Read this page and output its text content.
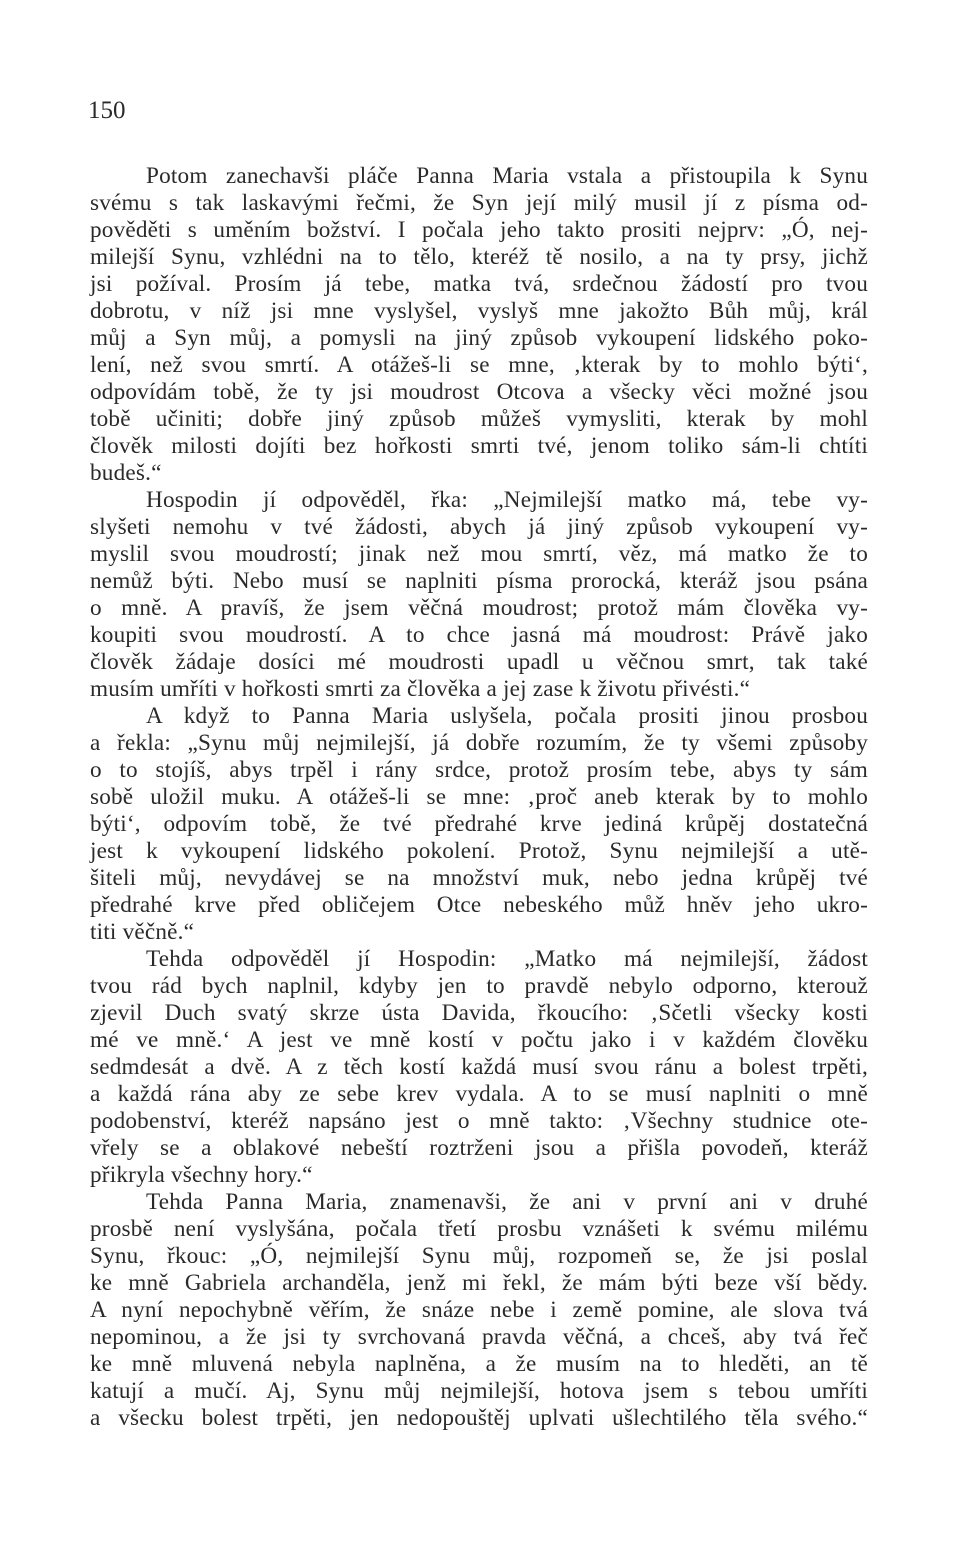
150
Potom zanechavši pláče Panna Maria vstala a přistoupila k Synu
svému s tak laskavými řečmi, že Syn její milý musil jí z písma od-
pověděti s uměním božství. I počala jeho takto prositi nejprv: „Ó, nej-
milejší Synu, vzhlédni na to tělo, kteréž tě nosilo, a na ty prsy, jichž
jsi požíval. Prosím já tebe, matka tvá, srdečnou žádostí pro tvou
dobrotu, v níž jsi mne vyslyšel, vyslyš mne jakožto Bůh můj, král
můj a Syn můj, a pomysli na jiný způsob vykoupení lidského poko-
lení, než svou smrtí. A otážeš-li se mne, ‚kterak by to mohlo býti‘,
odpovídám tobě, že ty jsi moudrost Otcova a všecky věci možné jsou
tobě učiniti; dobře jiný způsob můžeš vymysliti, kterak by mohl
člověk milosti dojíti bez hořkosti smrti tvé, jenom toliko sám-li chtíti
budeš.“
Hospodin jí odpověděl, řka: „Nejmilejší matko má, tebe vy-
slyšeti nemohu v tvé žádosti, abych já jiný způsob vykoupení vy-
myslil svou moudrostí; jinak než mou smrtí, věz, má matko že to
nemůž býti. Nebo musí se naplniti písma prorocká, kteráž jsou psána
o mně. A pravíš, že jsem věčná moudrost; protož mám člověka vy-
koupiti svou moudrostí. A to chce jasná má moudrost: Právě jako
člověk žádaje dosíci mé moudrosti upadl u věčnou smrt, tak také
musím umříti v hořkosti smrti za člověka a jej zase k životu přivésti.“
A když to Panna Maria uslyšela, počala prositi jinou prosbou
a řekla: „Synu můj nejmilejší, já dobře rozumím, že ty všemi způsoby
o to stojíš, abys trpěl i rány srdce, protož prosím tebe, abys ty sám
sobě uložil muku. A otážeš-li se mne: ‚proč aneb kterak by to mohlo
býti‘, odpovím tobě, že tvé předrahé krve jediná krůpěj dostatečná
jest k vykoupení lidského pokolení. Protož, Synu nejmilejší a utě-
šiteli můj, nevydávej se na množství muk, nebo jedna krůpěj tvé
předrahé krve před obličejem Otce nebeského můž hněv jeho ukro-
titi věčně.“
Tehda odpověděl jí Hospodin: „Matko má nejmilejší, žádost
tvou rád bych naplnil, kdyby jen to pravdě nebylo odporno, kterouž
zjevil Duch svatý skrze ústa Davida, řkoucího: ‚Sčetli všecky kosti
mé ve mně.‘ A jest ve mně kostí v počtu jako i v každém člověku
sedmdesát a dvě. A z těch kostí každá musí svou ránu a bolest trpěti,
a každá rána aby ze sebe krev vydala. A to se musí naplniti o mně
podobenství, kteréž napsáno jest o mně takto: ‚Všechny studnice ote-
vřely se a oblakové nebeští roztrženi jsou a přišla povodeň, kteráž
přikryla všechny hory.“
Tehda Panna Maria, znamenavši, že ani v první ani v druhé
prosbě není vyslyšána, počala třetí prosbu vznášeti k svému milému
Synu, řkouc: „Ó, nejmilejší Synu můj, rozpomeň se, že jsi poslal
ke mně Gabriela archanděla, jenž mi řekl, že mám býti beze vší bědy.
A nyní nepochybně věřím, že snáze nebe i země pomine, ale slova tvá
nepominou, a že jsi ty svrchovaná pravda věčná, a chceš, aby tvá řeč
ke mně mluvená nebyla naplněna, a že musím na to hleděti, an tě
katují a mučí. Aj, Synu můj nejmilejší, hotova jsem s tebou umříti
a všecku bolest trpěti, jen nedopouštěj uplvati ušlechtilého těla svého.“
